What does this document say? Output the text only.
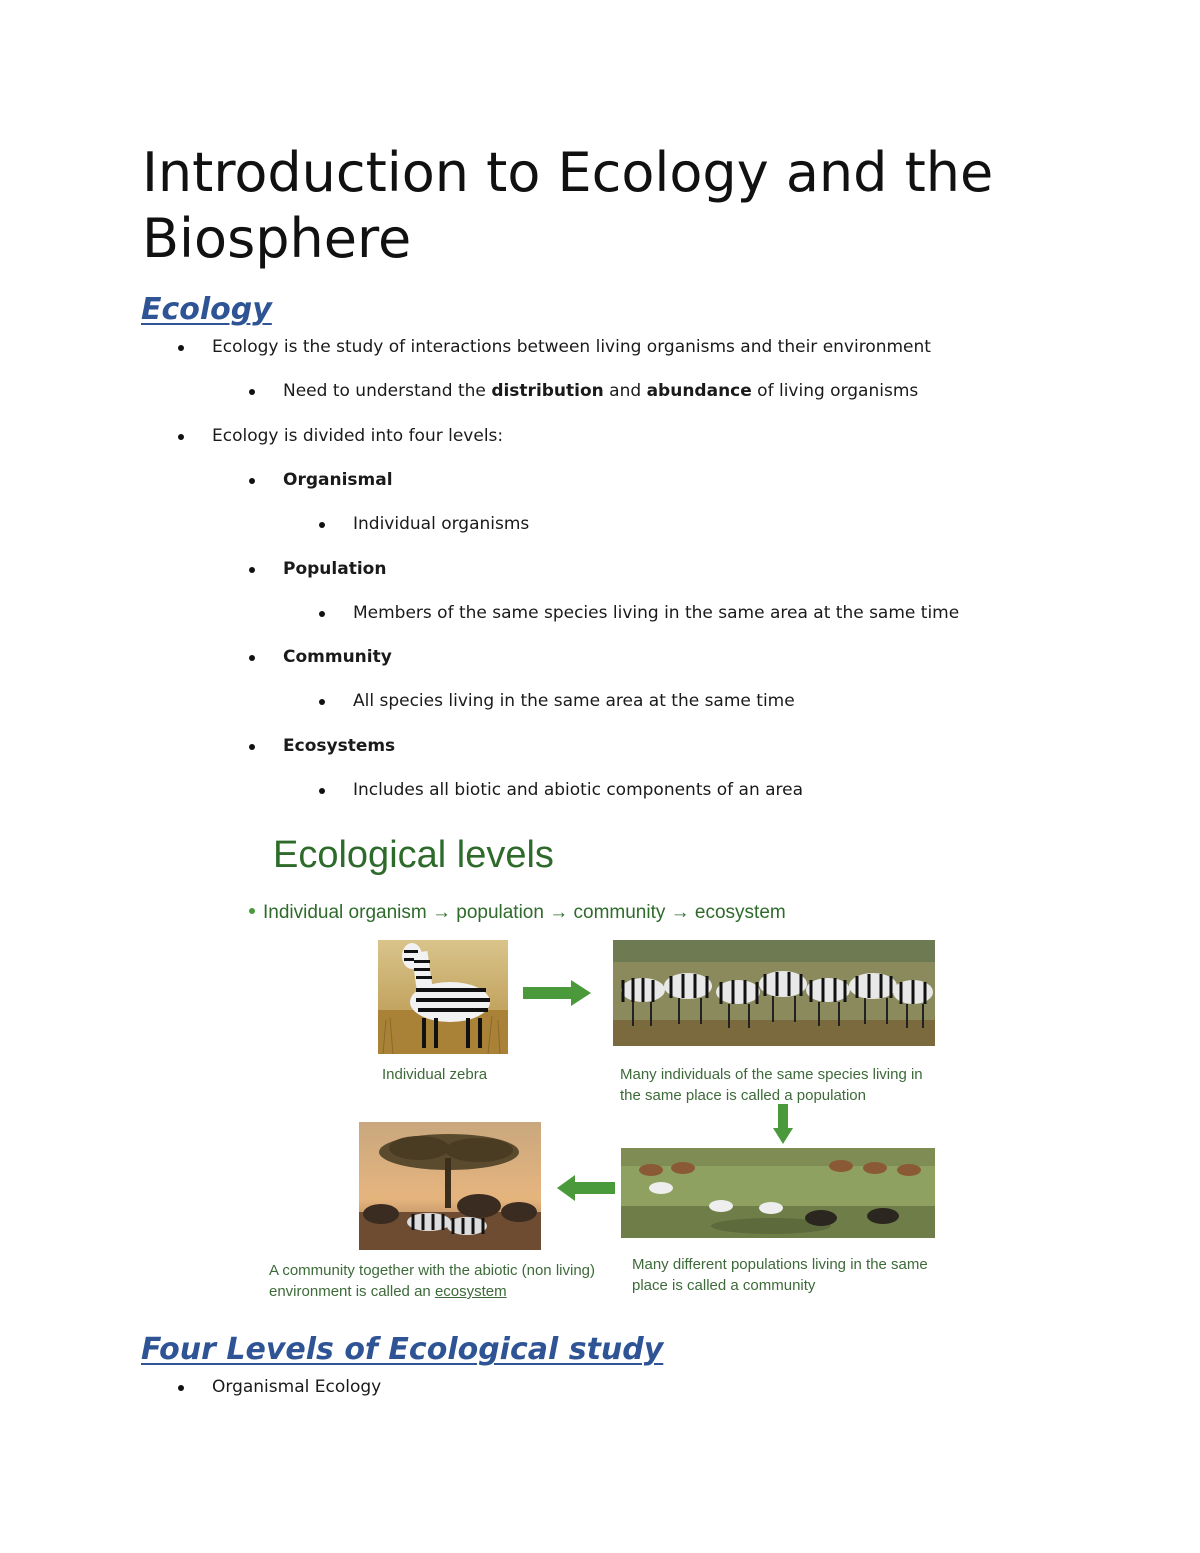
Introduction to Ecology and the Biosphere
Ecology
Ecology is the study of interactions between living organisms and their environment
Need to understand the distribution and abundance of living organisms
Ecology is divided into four levels:
Organismal
Individual organisms
Population
Members of the same species living in the same area at the same time
Community
All species living in the same area at the same time
Ecosystems
Includes all biotic and abiotic components of an area
Ecological levels
Individual organism → population → community → ecosystem
Individual zebra	Many individuals of the same species living in the same place is called a population
A community together with the abiotic (non living) environment is called an ecosystem
Many different populations living in the same place is called a community
Four Levels of Ecological study
Organismal Ecology
